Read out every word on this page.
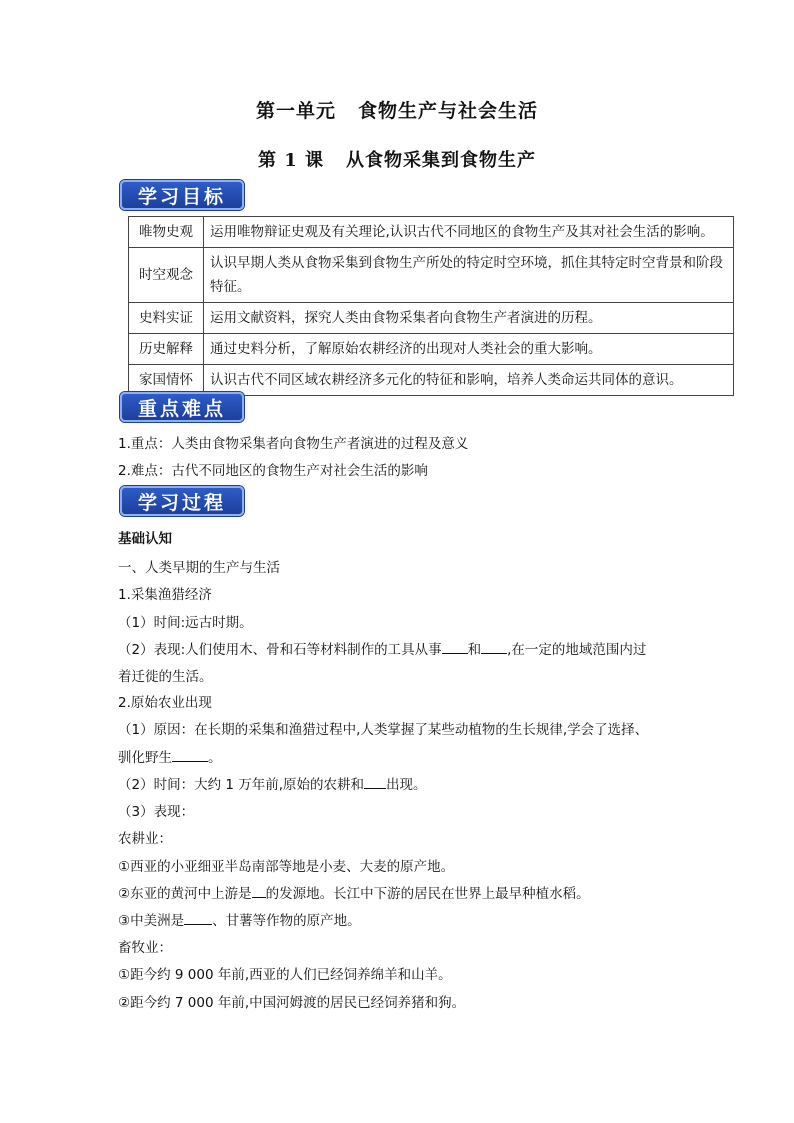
第一单元 食物生产与社会生活
第 1 课 从食物采集到食物生产
学习目标
唯物史观	运用唯物辩证史观及有关理论,认识古代不同地区的食物生产及其对社会生活的影响。
时空观念	认识早期人类从食物采集到食物生产所处的特定时空环境，抓住其特定时空背景和阶段特征。
史料实证	运用文献资料，探究人类由食物采集者向食物生产者演进的历程。
历史解释	通过史料分析，了解原始农耕经济的出现对人类社会的重大影响。
家国情怀	认识古代不同区域农耕经济多元化的特征和影响，培养人类命运共同体的意识。
重点难点
1.重点：人类由食物采集者向食物生产者演进的过程及意义
2.难点：古代不同地区的食物生产对社会生活的影响
学习过程
基础认知
一、人类早期的生产与生活
1.采集渔猎经济
（1）时间:远古时期。
（2）表现:人们使用木、骨和石等材料制作的工具从事 和 ,在一定的地域范围内过
着迁徙的生活。
2.原始农业出现
（1）原因：在长期的采集和渔猎过程中,人类掌握了某些动植物的生长规律,学会了选择、
驯化野生	。
（2）时间：大约 1 万年前,原始的农耕和 出现。
（3）表现：
农耕业：
①西亚的小亚细亚半岛南部等地是小麦、大麦的原产地。
②东亚的黄河中上游是 的发源地。长江中下游的居民在世界上最早种植水稻。
③中美洲是 、甘薯等作物的原产地。
畜牧业：
①距今约 9 000 年前,西亚的人们已经饲养绵羊和山羊。
②距今约 7 000 年前,中国河姆渡的居民已经饲养猪和狗。
